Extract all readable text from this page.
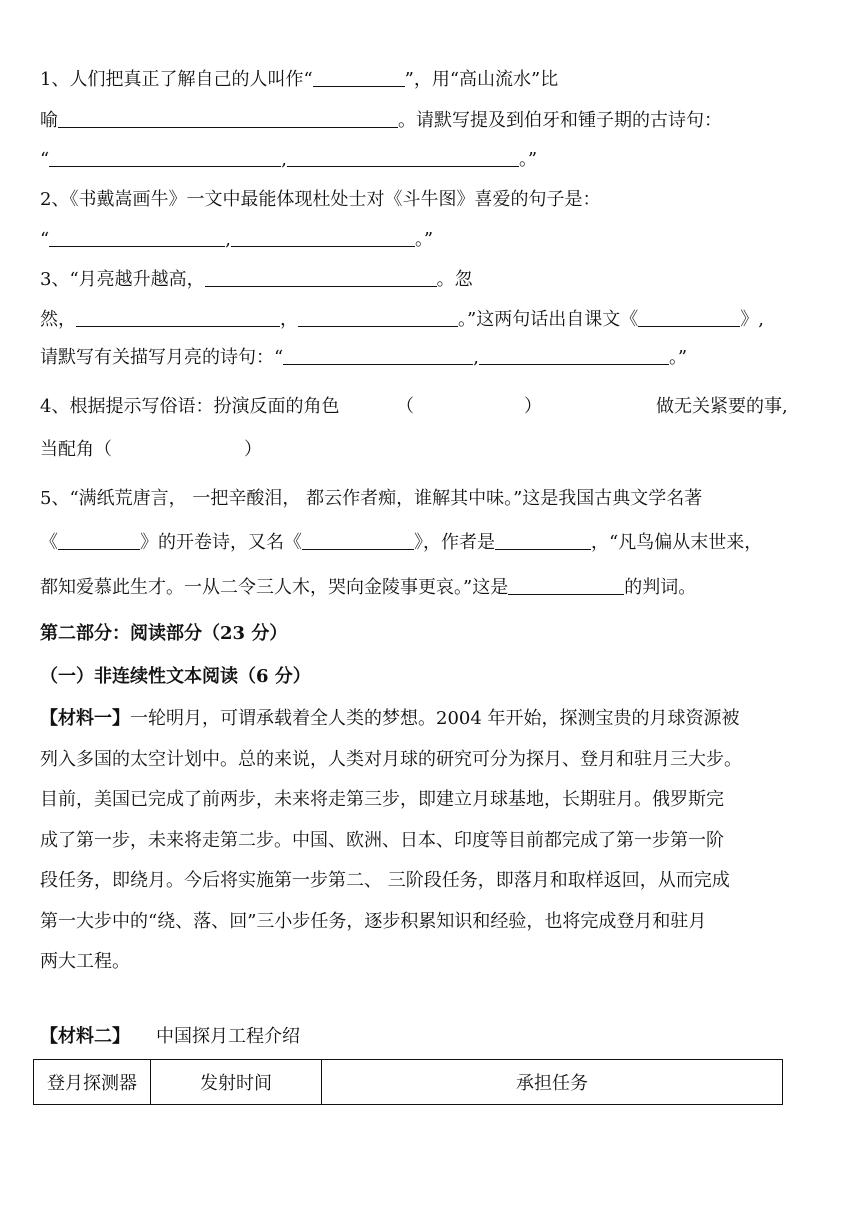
1、人们把真正了解自己的人叫作“	”，用“高山流水”比
喻	。请默写提及到伯牙和锺子期的古诗句：
“	,	。”
2、《书戴嵩画牛》一文中最能体现杜处士对《斗牛图》喜爱的句子是：
“	,	。”
3、“月亮越升越高，	。忽
然，	，	。”这两句话出自课文《	》,
请默写有关描写月亮的诗句：“	,	。”
4、根据提示写俗语：扮演反面的角色	（	）	做无关紧要的事,
当配角（	）
5、“满纸荒唐言， 一把辛酸泪， 都云作者痴，谁解其中味。”这是我国古典文学名著
《	》的开卷诗，又名《	》，作者是	，“凡鸟偏从末世来，
都知爱慕此生才。一从二令三人木，哭向金陵事更哀。”这是	的判词。
第二部分：阅读部分（23 分）
（一）非连续性文本阅读（6 分）
【材料一】一轮明月，可谓承载着全人类的梦想。2004 年开始，探测宝贵的月球资源被
列入多国的太空计划中。总的来说，人类对月球的研究可分为探月、登月和驻月三大步。
目前，美国已完成了前两步，未来将走第三步，即建立月球基地，长期驻月。俄罗斯完
成了第一步，未来将走第二步。中国、欧洲、日本、印度等目前都完成了第一步第一阶
段任务，即绕月。今后将实施第一步第二、 三阶段任务，即落月和取样返回，从而完成
第一大步中的“绕、落、回”三小步任务，逐步积累知识和经验，也将完成登月和驻月
两大工程。
【材料二】 中国探月工程介绍
登月探测器	发射时间	承担任务
